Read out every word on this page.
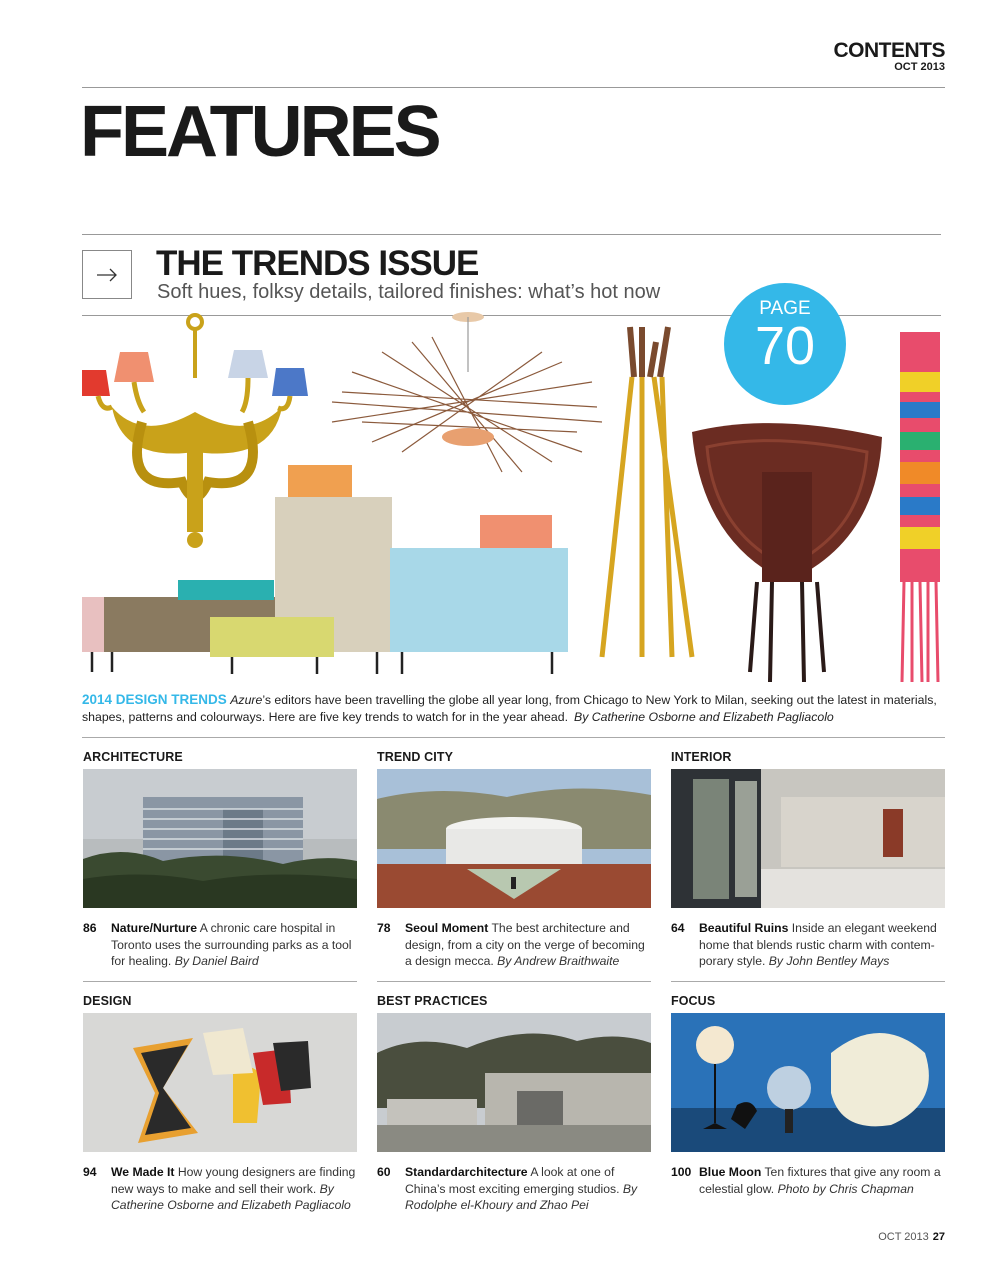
CONTENTS
OCT 2013
FEATURES
THE TRENDS ISSUE
Soft hues, folksy details, tailored finishes: what’s hot now
PAGE
70
2014 DESIGN TRENDS Azure’s editors have been travelling the globe all year long, from Chicago to New York to Milan, seeking out the latest in materials, shapes, patterns and colourways. Here are five key trends to watch for in the year ahead. By Catherine Osborne and Elizabeth Pagliacolo
ARCHITECTURE	TREND CITY	INTERIOR
86 Nature/Nurture A chronic care hospital in Toronto uses the surrounding parks as a tool for healing. By Daniel Baird
78 Seoul Moment The best architecture and design, from a city on the verge of becoming a design mecca. By Andrew Braithwaite
64 Beautiful Ruins Inside an elegant weekend home that blends rustic charm with contem-porary style. By John Bentley Mays
DESIGN	BEST PRACTICES	FOCUS
94 We Made It How young designers are finding new ways to make and sell their work. By Catherine Osborne and Elizabeth Pagliacolo
60 Standardarchitecture A look at one of China’s most exciting emerging studios. By Rodolphe el-Khoury and Zhao Pei
100 Blue Moon Ten fixtures that give any room a celestial glow. Photo by Chris Chapman
OCT 2013 27
